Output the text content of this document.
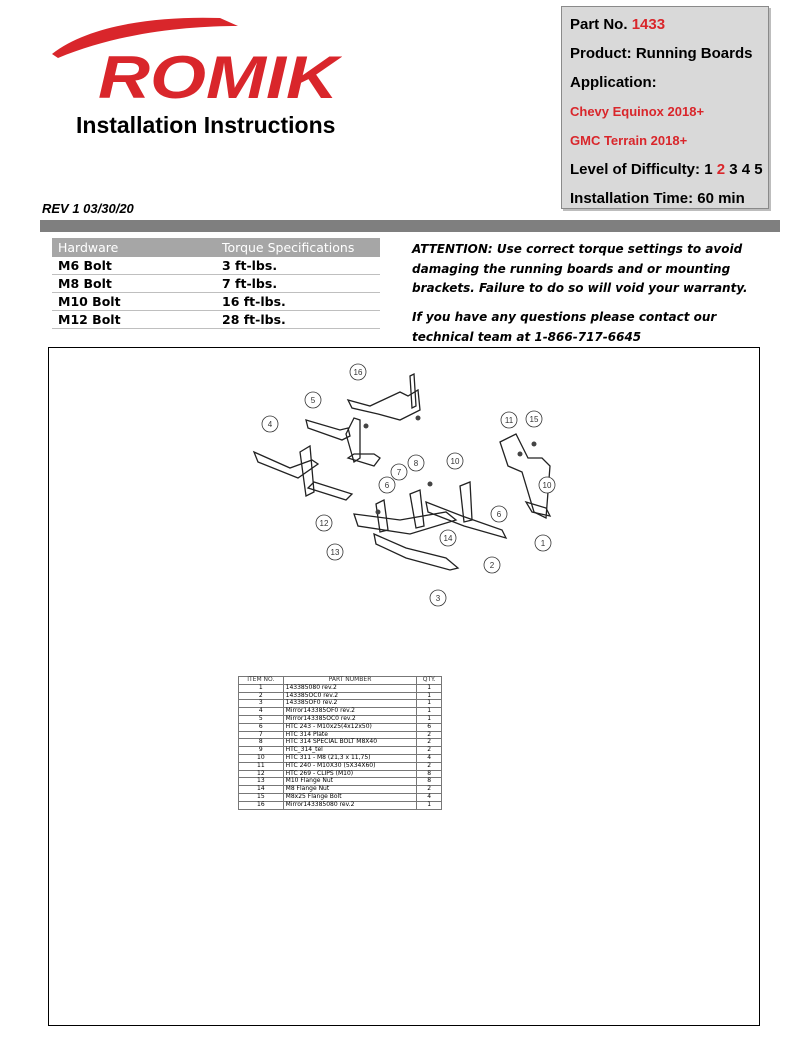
ROMIK
Installation Instructions
REV 1 03/30/20
Part No. 1433
Product: Running Boards
Application:
Chevy Equinox 2018+
GMC Terrain 2018+
Level of Difficulty: 1 2 3 4 5
Installation Time: 60 min
Hardware	Torque Specifications
M6 Bolt	3 ft-lbs.
M8 Bolt	7 ft-lbs.
M10 Bolt	16 ft-lbs.
M12 Bolt	28 ft-lbs.
ATTENTION: Use correct torque settings to avoid damaging the running boards and or mounting brackets. Failure to do so will void your warranty.
If you have any questions please contact our technical team at 1-866-717-6645
16
5
4	11 15
10
7
8	10
6
6
12
14
13
2
1
3
ITEM NO.	PART NUMBER	QTY.
1	143385080 rev.2	1
2	143385OC0 rev.2	1
3	143385OF0 rev.2	1
4	Mirror143385OF0 rev.2	1
5	Mirror143385OC0 rev.2	1
6	HTC 243 - M10x25(4x12x50)	6
7	HTC 314 Plate	2
8	HTC 314 SPECIAL BOLT M8X40	2
9	HTC_314_tel	2
10	HTC 311 - M8 (21,3 x 11,75)	4
11	HTC 240 - M10X30 (5X34X60)	2
12	HTC 269 - CLIPS (M10)	8
13	M10 Flange Nut	8
14	M8 Flange Nut	2
15	M8x25 Flange Bolt	4
16	Mirror143385080 rev.2	1
